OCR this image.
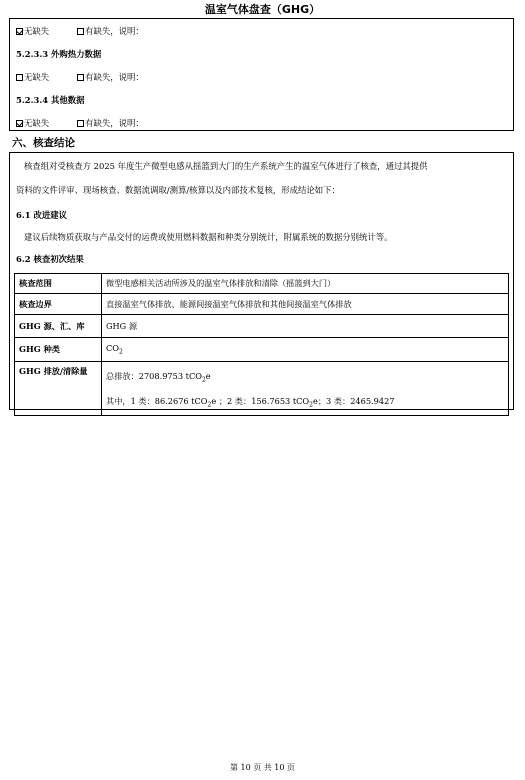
温室气体盘查（GHG）
无缺失	有缺失，说明：
5.2.3.3 外购热力数据
无缺失	有缺失，说明：
5.2.3.4 其他数据
无缺失	有缺失，说明：
六、核查结论
核查组对受核查方 2025 年度生产微型电感从摇篮到大门的生产系统产生的温室气体进行了核查，通过其提供
资料的文件评审、现场核查、数据流调取/测算/核算以及内部技术复核，形成结论如下：
6.1 改进建议
建议后续物质获取与产品交付的运费或使用燃料数据和种类分别统计，附属系统的数据分别统计等。
6.2 核查初次结果
核查范围	微型电感相关活动所涉及的温室气体排放和清除（摇篮到大门）
核查边界	直接温室气体排放、能源间接温室气体排放和其他间接温室气体排放
GHG 源、汇、库	GHG 源
GHG 种类	$CO_2$
GHG 排放/清除量	总排放：2708.9753 tCO$_2$e
其中，1 类：86.2676 tCO$_2$e ；2 类：156.7653 tCO$_2$e；3 类：2465.9427
第 10 页 共 10 页
